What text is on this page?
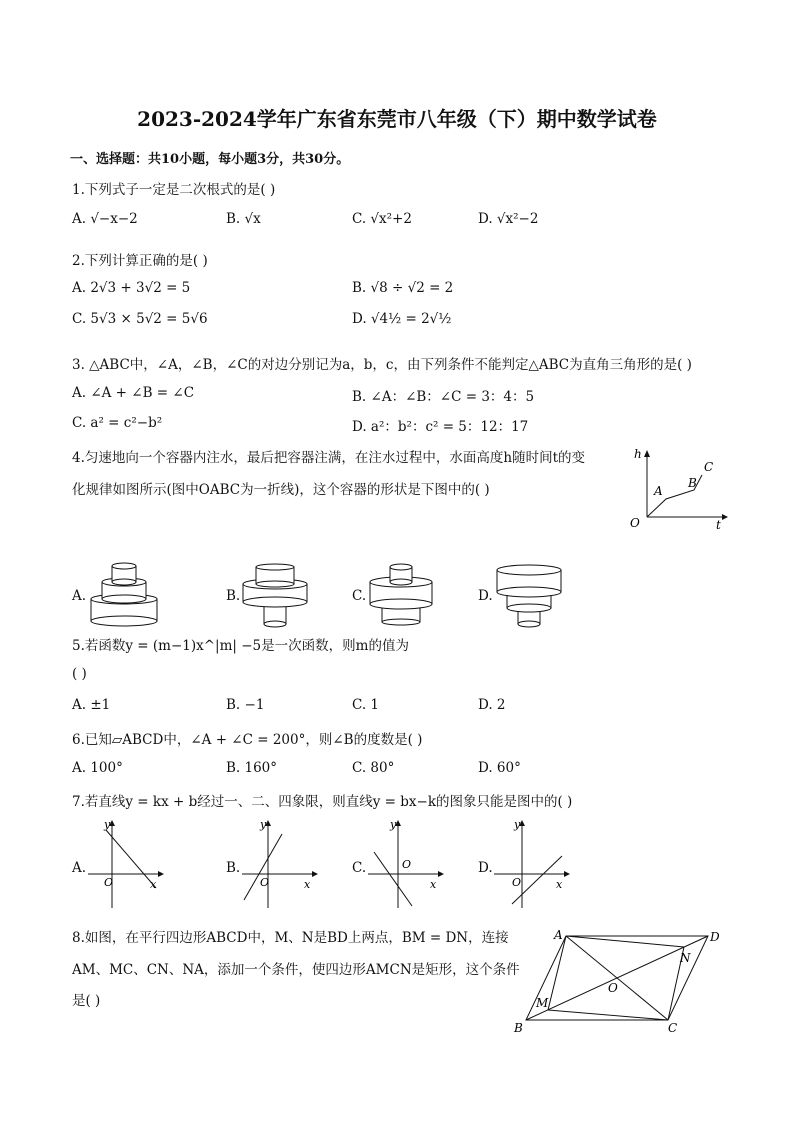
2023-2024学年广东省东莞市八年级（下）期中数学试卷
一、选择题：共10小题，每小题3分，共30分。
1.下列式子一定是二次根式的是( )
A. √−x−2	B. √x	C. √x²+2	D. √x²−2
2.下列计算正确的是( )
A. 2√3 + 3√2 = 5	B. √8 ÷ √2 = 2
C. 5√3 × 5√2 = 5√6	D. √4½ = 2√½
3. △ABC中，∠A，∠B，∠C的对边分别记为a，b，c，由下列条件不能判定△ABC为直角三角形的是( )
A. ∠A + ∠B = ∠C	B. ∠A：∠B：∠C = 3：4：5
C. a² = c²−b²	D. a²：b²：c² = 5：12：17
4.匀速地向一个容器内注水，最后把容器注满，在注水过程中，水面高度h随时间t的变
化规律如图所示(图中OABC为一折线)，这个容器的形状是下图中的( )
h
t
O
A
B
C
A.	B.	C.	D.
5.若函数y = (m−1)x^|m| −5是一次函数，则m的值为
( )
A. ±1	B. −1	C. 1	D. 2
6.已知▱ABCD中，∠A + ∠C = 200°，则∠B的度数是( )
A. 100°	B. 160°	C. 80°	D. 60°
7.若直线y = kx + b经过一、二、四象限，则直线y = bx−k的图象只能是图中的( )
A.
y
x
O
B.
y
x
O
C.
y
x
O	D.
y
x
O
8.如图，在平行四边形ABCD中，M、N是BD上两点，BM = DN，连接
AM、MC、CN、NA，添加一个条件，使四边形AMCN是矩形，这个条件
是( )
A	D
B	C
M
N
O
